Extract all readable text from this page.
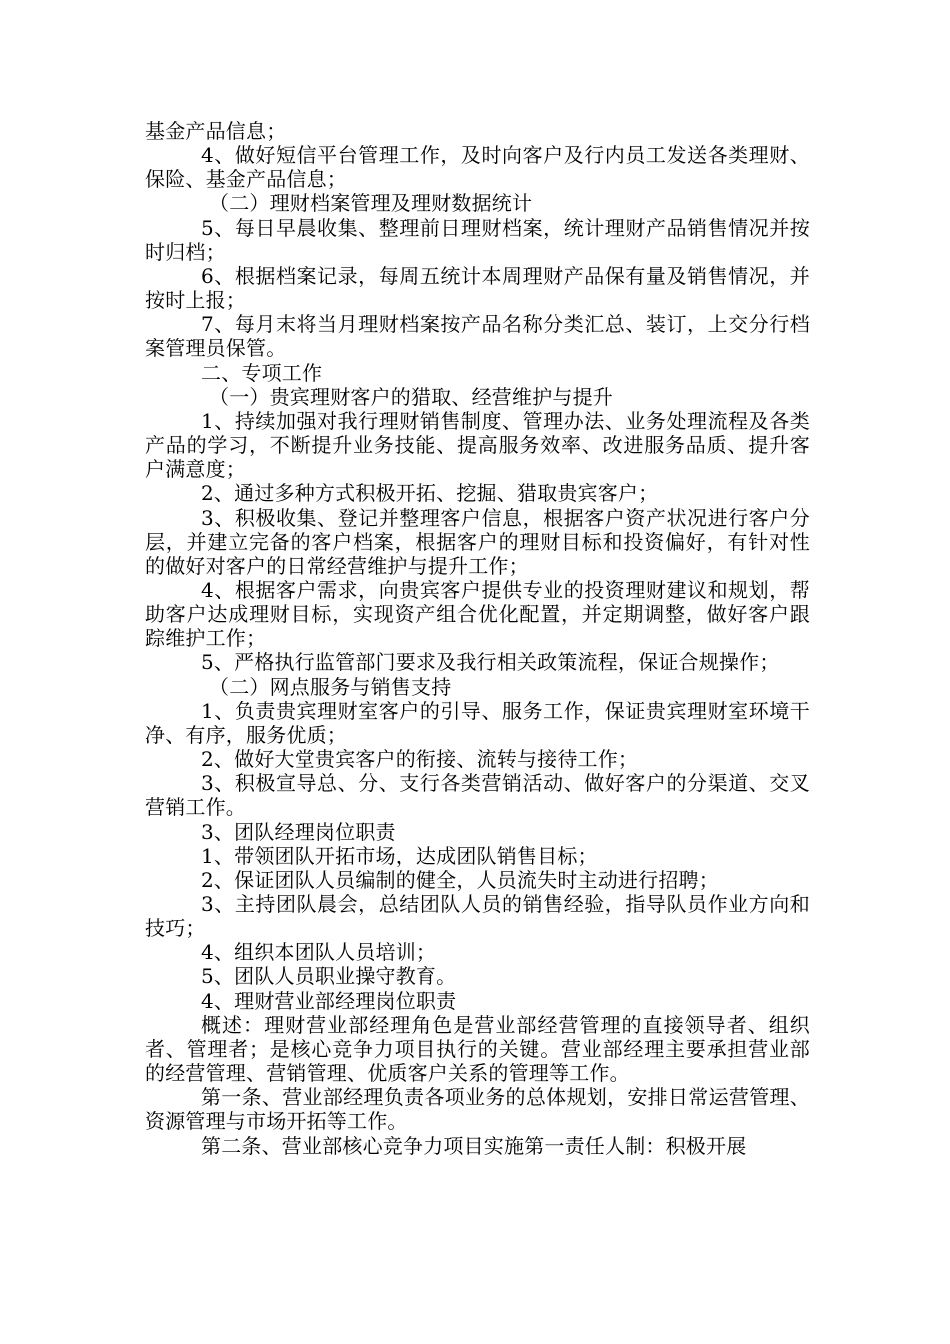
基金产品信息；

4、做好短信平台管理工作，及时向客户及行内员工发送各类理财、保险、基金产品信息；

（二）理财档案管理及理财数据统计

5、每日早晨收集、整理前日理财档案，统计理财产品销售情况并按时归档；

6、根据档案记录，每周五统计本周理财产品保有量及销售情况，并按时上报；

7、每月末将当月理财档案按产品名称分类汇总、装订，上交分行档案管理员保管。

二、专项工作

（一）贵宾理财客户的猎取、经营维护与提升

1、持续加强对我行理财销售制度、管理办法、业务处理流程及各类产品的学习，不断提升业务技能、提高服务效率、改进服务品质、提升客户满意度；

2、通过多种方式积极开拓、挖掘、猎取贵宾客户；

3、积极收集、登记并整理客户信息，根据客户资产状况进行客户分层，并建立完备的客户档案，根据客户的理财目标和投资偏好，有针对性的做好对客户的日常经营维护与提升工作；

4、根据客户需求，向贵宾客户提供专业的投资理财建议和规划，帮助客户达成理财目标，实现资产组合优化配置，并定期调整，做好客户跟踪维护工作；

5、严格执行监管部门要求及我行相关政策流程，保证合规操作；

（二）网点服务与销售支持

1、负责贵宾理财室客户的引导、服务工作，保证贵宾理财室环境干净、有序，服务优质；

2、做好大堂贵宾客户的衔接、流转与接待工作；

3、积极宣导总、分、支行各类营销活动、做好客户的分渠道、交叉营销工作。

3、团队经理岗位职责

1、带领团队开拓市场，达成团队销售目标；

2、保证团队人员编制的健全，人员流失时主动进行招聘；

3、主持团队晨会，总结团队人员的销售经验，指导队员作业方向和技巧；

4、组织本团队人员培训；

5、团队人员职业操守教育。

4、理财营业部经理岗位职责

概述：理财营业部经理角色是营业部经营管理的直接领导者、组织者、管理者；是核心竞争力项目执行的关键。营业部经理主要承担营业部的经营管理、营销管理、优质客户关系的管理等工作。

第一条、营业部经理负责各项业务的总体规划，安排日常运营管理、资源管理与市场开拓等工作。

第二条、营业部核心竞争力项目实施第一责任人制：积极开展
